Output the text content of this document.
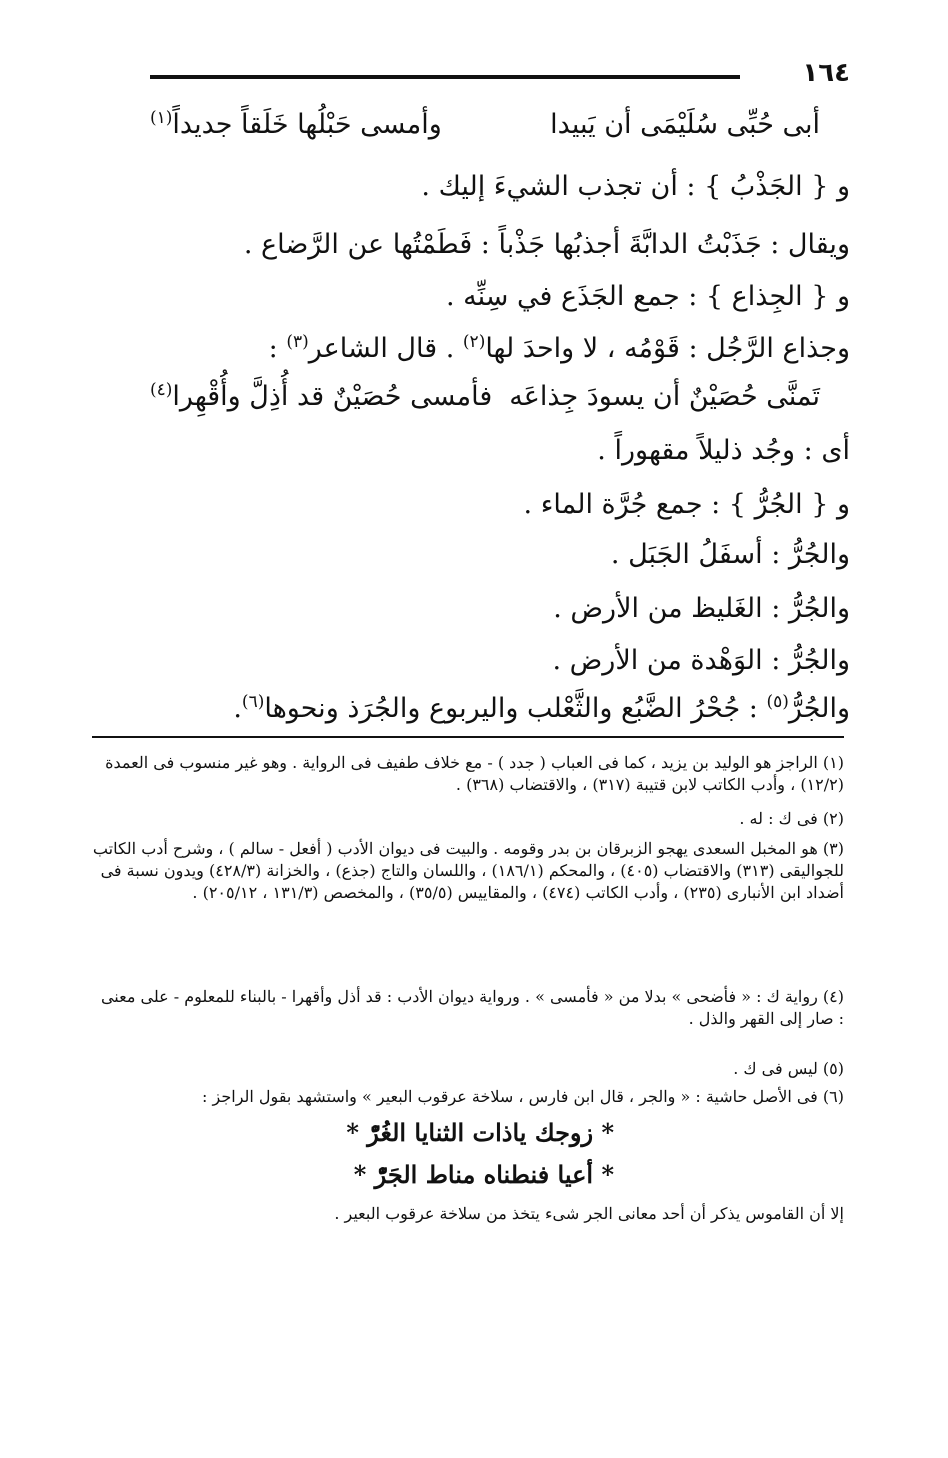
١٦٤
أبى حُبِّى سُلَيْمَى أن يَبيدا
وأمسى حَبْلُها خَلَقاً جديداً$^{(١)}$
و { الجَذْبُ } : أن تجذب الشيءَ إليك .
ويقال : جَذَبْتُ الدابَّةَ أجذبُها جَذْباً : فَطَمْتُها عن الرَّضاع .
و { الجِذاع } : جمع الجَذَع في سِنِّه .
وجذاع الرَّجُل : قَوْمُه ، لا واحدَ لها$^{(٢)}$ . قال الشاعر$^{(٣)}$ :
تَمنَّى حُصَيْنٌ أن يسودَ جِذاعَه
فأمسى حُصَيْنٌ قد أُذِلَّ وأُقْهِرا$^{(٤)}$
أى : وجُد ذليلاً مقهوراً .
و { الجُرُّ } : جمع جُرَّة الماء .
والجُرُّ : أسفَلُ الجَبَل .
والجُرُّ : الغَليظ من الأرض .
والجُرُّ : الوَهْدة من الأرض .
والجُرُّ$^{(٥)}$ : جُحْرُ الضَّبُع والثَّعْلب واليربوع والجُرَذ ونحوها$^{(٦)}$.
(١) الراجز هو الوليد بن يزيد ، كما فى العباب ( جدد ) - مع خلاف طفيف فى الرواية . وهو غير منسوب فى العمدة (١٢/٢) ، وأدب الكاتب لابن قتيبة (٣١٧) ، والاقتضاب (٣٦٨) .
(٢) فى ك : له .
(٣) هو المخبل السعدى يهجو الزبرقان بن بدر وقومه . والبيت فى ديوان الأدب ( أفعل - سالم ) ، وشرح أدب الكاتب للجواليقى (٣١٣) والاقتضاب (٤٠٥) ، والمحكم (١٨٦/١) ، واللسان والتاج (جذع) ، والخزانة (٤٢٨/٣) ويدون نسبة فى أضداد ابن الأنبارى (٢٣٥) ، وأدب الكاتب (٤٧٤) ، والمقاييس (٣٥/٥) ، والمخصص (١٣١/٣ ، ٢٠٥/١٢) .
(٤) رواية ك : « فأضحى » بدلا من « فأمسى » . ورواية ديوان الأدب : قد أذل وأقهرا - بالبناء للمعلوم - على معنى : صار إلى القهر والذل .
(٥) ليس فى ك .
(٦) فى الأصل حاشية : « والجر ، قال ابن فارس ، سلاخة عرقوب البعير » واستشهد بقول الراجز :
* زوجك ياذات الثنايا الغُرّْ *
* أعيا فنطناه مناط الجَرّْ *
إلا أن القاموس يذكر أن أحد معانى الجر شىء يتخذ من سلاخة عرقوب البعير .
